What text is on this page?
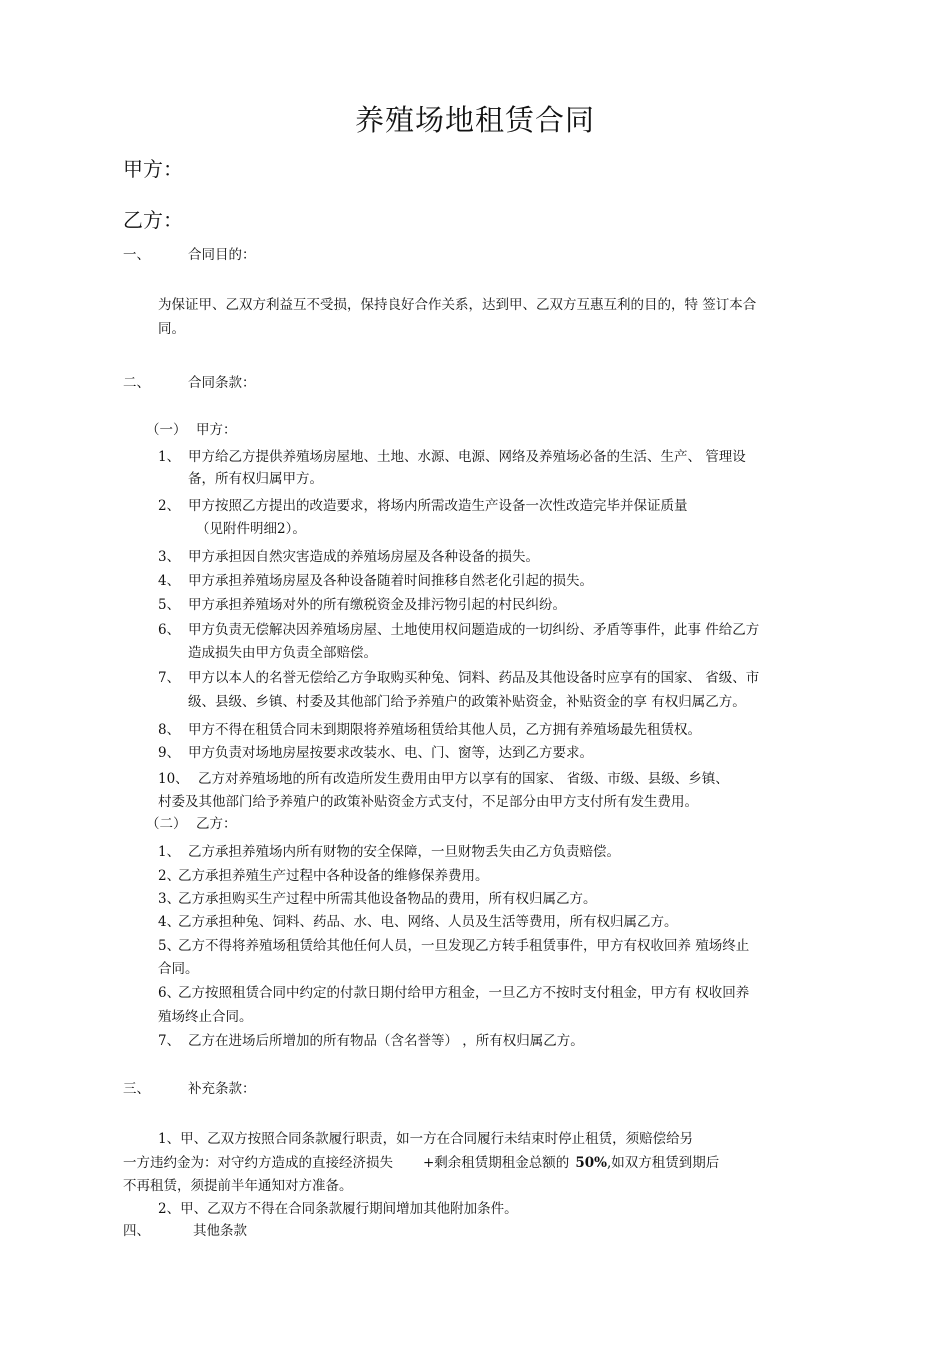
养殖场地租赁合同
甲方：
乙方：
一、	合同目的：
为保证甲、乙双方利益互不受损，保持良好合作关系，达到甲、乙双方互惠互利的目的，特 签订本合
同。
二、	合同条款：
（一） 甲方：
1、 甲方给乙方提供养殖场房屋地、土地、水源、电源、网络及养殖场必备的生活、生产、 管理设
备，所有权归属甲方。
2、 甲方按照乙方提出的改造要求，将场内所需改造生产设备一次性改造完毕并保证质量
（见附件明细2）。
3、 甲方承担因自然灾害造成的养殖场房屋及各种设备的损失。
4、 甲方承担养殖场房屋及各种设备随着时间推移自然老化引起的损失。
5、 甲方承担养殖场对外的所有缴税资金及排污物引起的村民纠纷。
6、 甲方负责无偿解决因养殖场房屋、土地使用权问题造成的一切纠纷、矛盾等事件，此事 件给乙方
造成损失由甲方负责全部赔偿。
7、 甲方以本人的名誉无偿给乙方争取购买种兔、饲料、药品及其他设备时应享有的国家、 省级、市
级、县级、乡镇、村委及其他部门给予养殖户的政策补贴资金，补贴资金的享 有权归属乙方。
8、 甲方不得在租赁合同未到期限将养殖场租赁给其他人员，乙方拥有养殖场最先租赁权。
9、 甲方负责对场地房屋按要求改装水、电、门、窗等，达到乙方要求。
10、 乙方对养殖场地的所有改造所发生费用由甲方以享有的国家、 省级、市级、县级、乡镇、
村委及其他部门给予养殖户的政策补贴资金方式支付，不足部分由甲方支付所有发生费用。
（二） 乙方：
1、 乙方承担养殖场内所有财物的安全保障，一旦财物丢失由乙方负责赔偿。
2、
乙方承担养殖生产过程中各种设备的维修保养费用。
3、
乙方承担购买生产过程中所需其他设备物品的费用，所有权归属乙方。
4、
乙方承担种兔、饲料、药品、水、电、网络、人员及生活等费用，所有权归属乙方。
5、
乙方不得将养殖场租赁给其他任何人员，一旦发现乙方转手租赁事件，甲方有权收回养 殖场终止
合同。
6、
乙方按照租赁合同中约定的付款日期付给甲方租金，一旦乙方不按时支付租金，甲方有 权收回养
殖场终止合同。
7、 乙方在进场后所增加的所有物品（含名誉等） ，所有权归属乙方。
三、	补充条款：
1、甲、乙双方按照合同条款履行职责，如一方在合同履行未结束时停止租赁，须赔偿给另
一方违约金为：对守约方造成的直接经济损失 +剩余租赁期租金总额的 50%,如双方租赁到期后
不再租赁，须提前半年通知对方准备。
2、甲、乙双方不得在合同条款履行期间增加其他附加条件。
四、	其他条款
